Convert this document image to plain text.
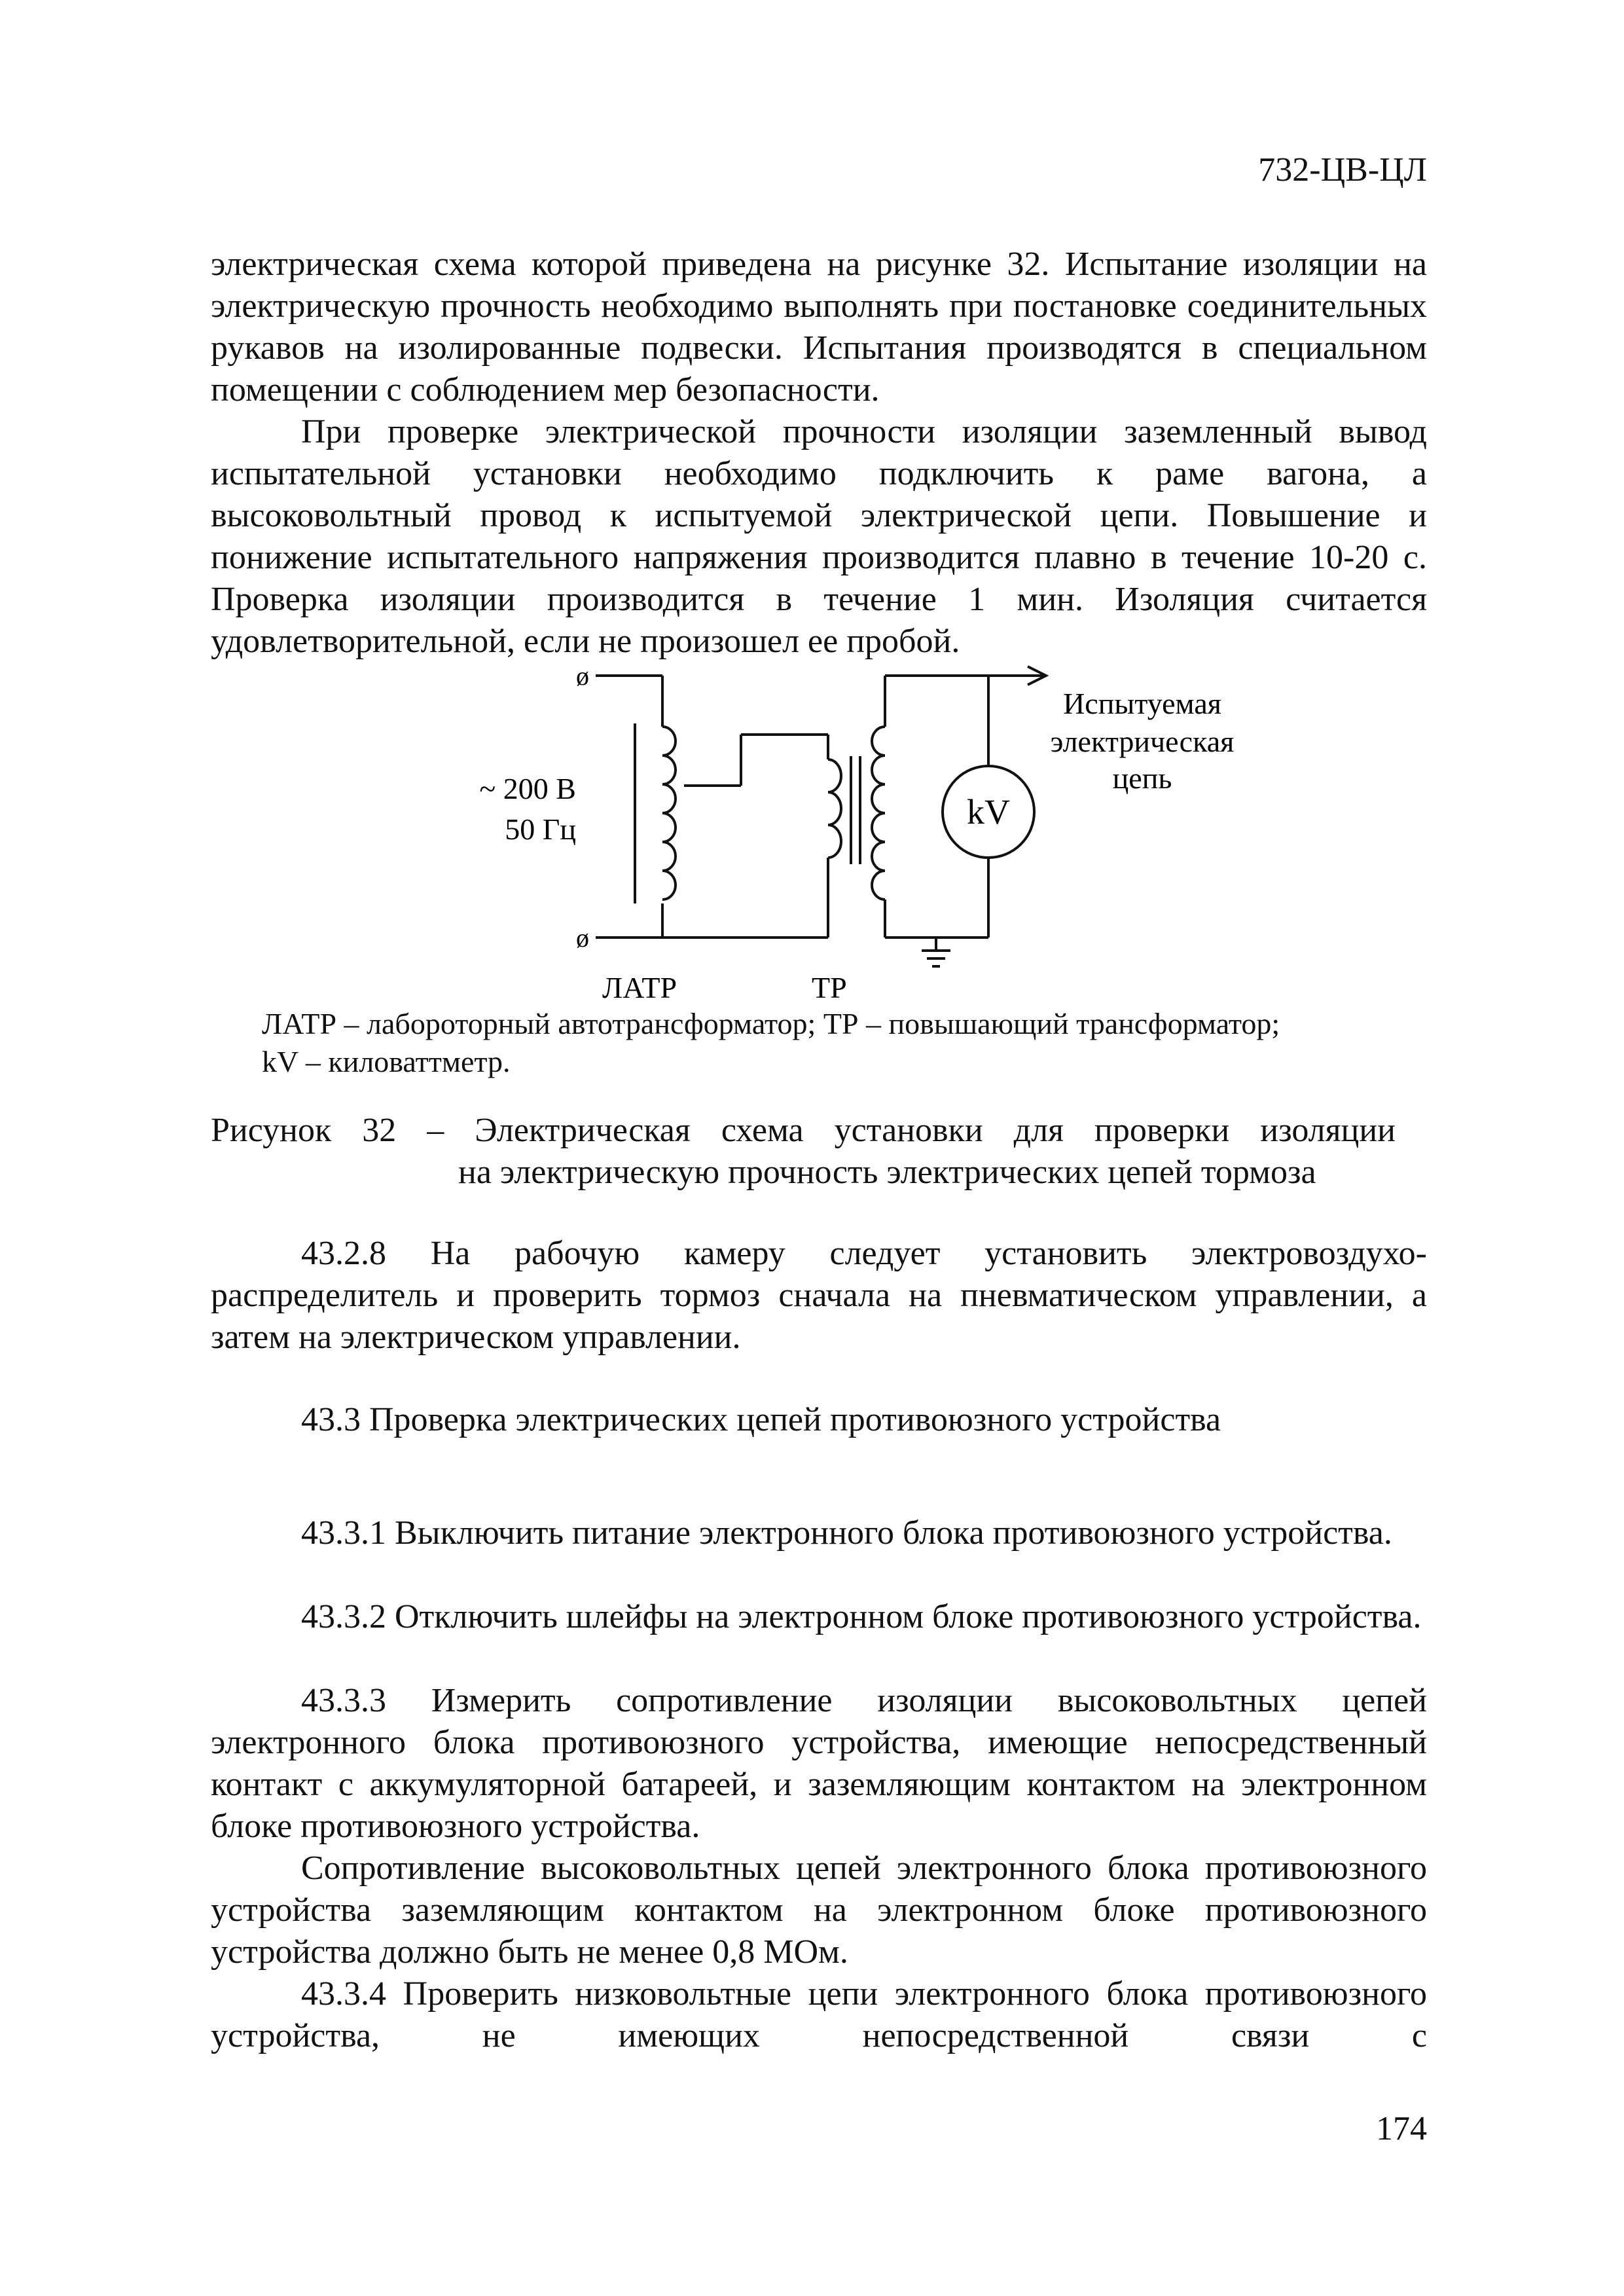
732-ЦВ-ЦЛ

электрическая схема которой приведена на рисунке 32. Испытание изоляции на электрическую прочность необходимо выполнять при постановке соединительных рукавов на изолированные подвески. Испытания производятся в специальном помещении с соблюдением мер безопасности.

При проверке электрической прочности изоляции заземленный вывод испытательной установки необходимо подключить к раме вагона, а высоковольтный провод к испытуемой электрической цепи. Повышение и понижение испытательного напряжения производится плавно в течение 10-20 с. Проверка изоляции производится в течение 1 мин. Изоляция считается удовлетворительной, если не произошел ее пробой.

ø
ø
~ 200 В
50 Гц	kV
Испытуемая
электрическая
цепь
ЛАТР	ТР
ЛАТР – лабороторный автотрансформатор; ТР – повышающий трансформатор;
kV – киловаттметр.
Рисунок 32 – Электрическая схема установки для проверки изоляции
на электрическую прочность электрических цепей тормоза

43.2.8 На рабочую камеру следует установить электровоздухо-распределитель и проверить тормоз сначала на пневматическом управлении, а затем на электрическом управлении.

43.3 Проверка электрических цепей противоюзного устройства

43.3.1 Выключить питание электронного блока противоюзного устройства.

43.3.2 Отключить шлейфы на электронном блоке противоюзного устройства.

43.3.3 Измерить сопротивление изоляции высоковольтных цепей электронного блока противоюзного устройства, имеющие непосредственный контакт с аккумуляторной батареей, и заземляющим контактом на электронном блоке противоюзного устройства.

Сопротивление высоковольтных цепей электронного блока противоюзного устройства заземляющим контактом на электронном блоке противоюзного устройства должно быть не менее 0,8 МОм.

43.3.4 Проверить низковольтные цепи электронного блока противоюзного устройства, не имеющих непосредственной связи с

174
